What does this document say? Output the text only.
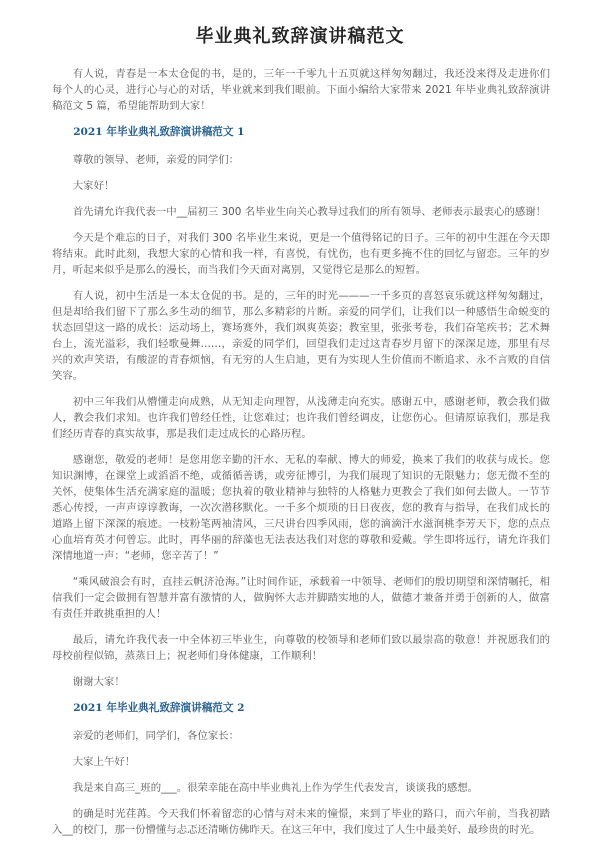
毕业典礼致辞演讲稿范文

有人说，青春是一本太仓促的书，是的，三年一千零九十五页就这样匆匆翻过，我还没来得及走进你们每个人的心灵，进行心与心的对话，毕业就来到我们眼前。下面小编给大家带来 2021 年毕业典礼致辞演讲稿范文 5 篇，希望能帮助到大家！

2021 年毕业典礼致辞演讲稿范文 1

尊敬的领导、老师，亲爱的同学们：

大家好！

首先请允许我代表一中__届初三 300 名毕业生向关心教导过我们的所有领导、老师表示最衷心的感谢！

今天是个难忘的日子，对我们 300 名毕业生来说，更是一个值得铭记的日子。三年的初中生涯在今天即将结束。此时此刻，我想大家的心情和我一样，有喜悦，有忧伤，也有更多掩不住的回忆与留恋。三年的岁月，听起来似乎是那么的漫长，而当我们今天面对离别，又觉得它是那么的短暂。

有人说，初中生活是一本太仓促的书。是的，三年的时光———一千多页的喜怒哀乐就这样匆匆翻过，但是却给我们留下了那么多生动的细节，那么多精彩的片断。亲爱的同学们，让我们以一种感悟生命蜕变的状态回望这一路的成长：运动场上，赛场赛外，我们飒爽英姿；教室里，张张考卷，我们奋笔疾书；艺术舞台上，流光溢彩，我们轻歌曼舞……，亲爱的同学们，回望我们走过这青春岁月留下的深深足迹，那里有尽兴的欢声笑语，有酸涩的青春烦恼，有无穷的人生启迪，更有为实现人生价值而不断追求、永不言败的自信笑容。

初中三年我们从懵懂走向成熟，从无知走向理智，从浅薄走向充实。感谢五中，感谢老师，教会我们做人，教会我们求知。也许我们曾经任性，让您难过；也许我们曾经调皮，让您伤心。但请原谅我们，那是我们经历青春的真实故事，那是我们走过成长的心路历程。

感谢您，敬爱的老师！是您用您辛勤的汗水、无私的奉献、博大的师爱，换来了我们的收获与成长。您知识渊博，在课堂上或滔滔不绝，或循循善诱，或旁征博引，为我们展现了知识的无限魅力；您无微不至的关怀，使集体生活充满家庭的温暖；您执着的敬业精神与独特的人格魅力更教会了我们如何去做人。一节节悉心传授，一声声谆谆教诲，一次次潜移默化。一千多个烦琐的日日夜夜，您的教育与指导，在我们成长的道路上留下深深的痕迹。一枝粉笔两袖清风，三尺讲台四季风雨，您的滴滴汗水滋润桃李芳天下，您的点点心血培育英才何曾忘。此时，再华丽的辞藻也无法表达我们对您的尊敬和爱戴。学生即将远行，请允许我们深情地道一声：“老师，您辛苦了！”

“乘风破浪会有时，直挂云帆济沧海。”让时间作证，承载着一中领导、老师们的殷切期望和深情嘱托，相信我们一定会做拥有智慧并富有激情的人，做胸怀大志并脚踏实地的人，做德才兼备并勇于创新的人，做富有责任并敢挑重担的人！

最后，请允许我代表一中全体初三毕业生，向尊敬的校领导和老师们致以最崇高的敬意！并祝愿我们的母校前程似锦，蒸蒸日上；祝老师们身体健康，工作顺利！

谢谢大家！

2021 年毕业典礼致辞演讲稿范文 2

亲爱的老师们，同学们，各位家长：

大家上午好！

我是来自高三_班的___。很荣幸能在高中毕业典礼上作为学生代表发言，谈谈我的感想。

的确是时光荏苒。今天我们怀着留恋的心情与对未来的憧憬，来到了毕业的路口，而六年前，当我初踏入__的校门，那一份懵懂与忐忑还清晰仿佛昨天。在这三年中，我们度过了人生中最美好、最珍贵的时光。
